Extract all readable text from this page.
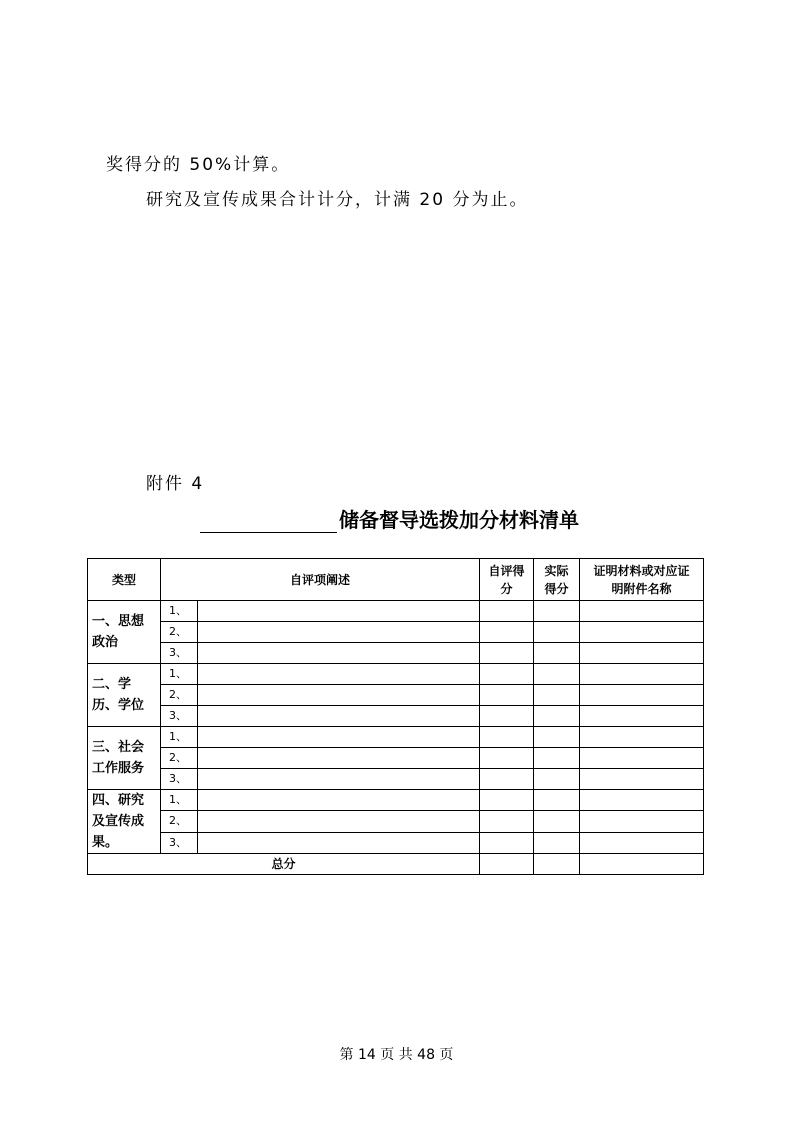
奖得分的 50%计算。
研究及宣传成果合计计分，计满 20 分为止。
附件 4
储备督导选拨加分材料清单
类型	自评项阐述		自评得分	实际得分	证明材料或对应证明附件名称
一、思想政治	1、				
	2、				
	3、				
二、学历、学位	1、				
	2、				
	3、				
三、社会工作服务	1、				
	2、				
	3、				
四、研究及宣传成果。	1、				
	2、				
	3、				
总分					
第 14 页 共 48 页
